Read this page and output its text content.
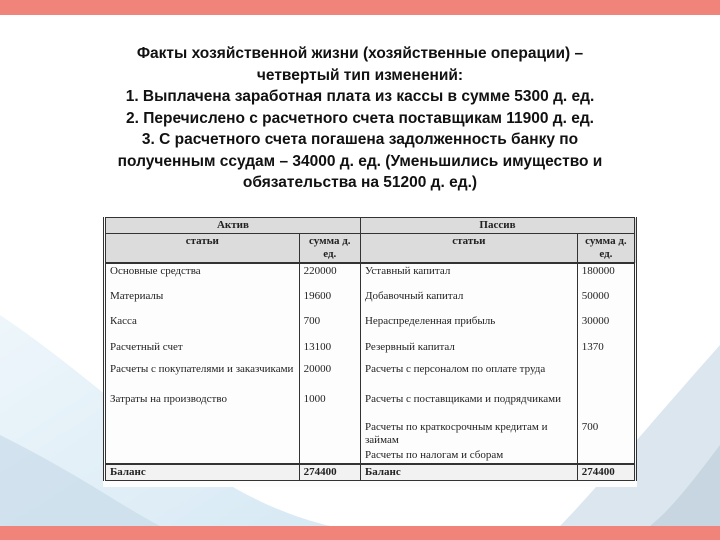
Факты хозяйственной жизни (хозяйственные операции) –
четвертый тип изменений:
1. Выплачена заработная плата из кассы в сумме 5300 д. ед.
2. Перечислено с расчетного счета поставщикам 11900 д. ед.
3. С расчетного счета погашена задолженность банку по
полученным ссудам – 34000 д. ед. (Уменьшились имущество и
обязательства на 51200 д. ед.)
Актив		Пассив	
статьи	сумма д. ед.	статьи	сумма д. ед.
Основные средства	220000	Уставный капитал	180000
Материалы	19600	Добавочный капитал	50000
Касса	700	Нераспределенная прибыль	30000
Расчетный счет	13100	Резервный капитал	1370
Расчеты с покупателями и заказчиками	20000	Расчеты с персоналом по оплате труда	
Затраты на производство	1000	Расчеты с поставщиками и подрядчиками	
		Расчеты по краткосрочным кредитам и займам	700
		Расчеты по налогам и сборам	
Баланс	274400	Баланс	274400
